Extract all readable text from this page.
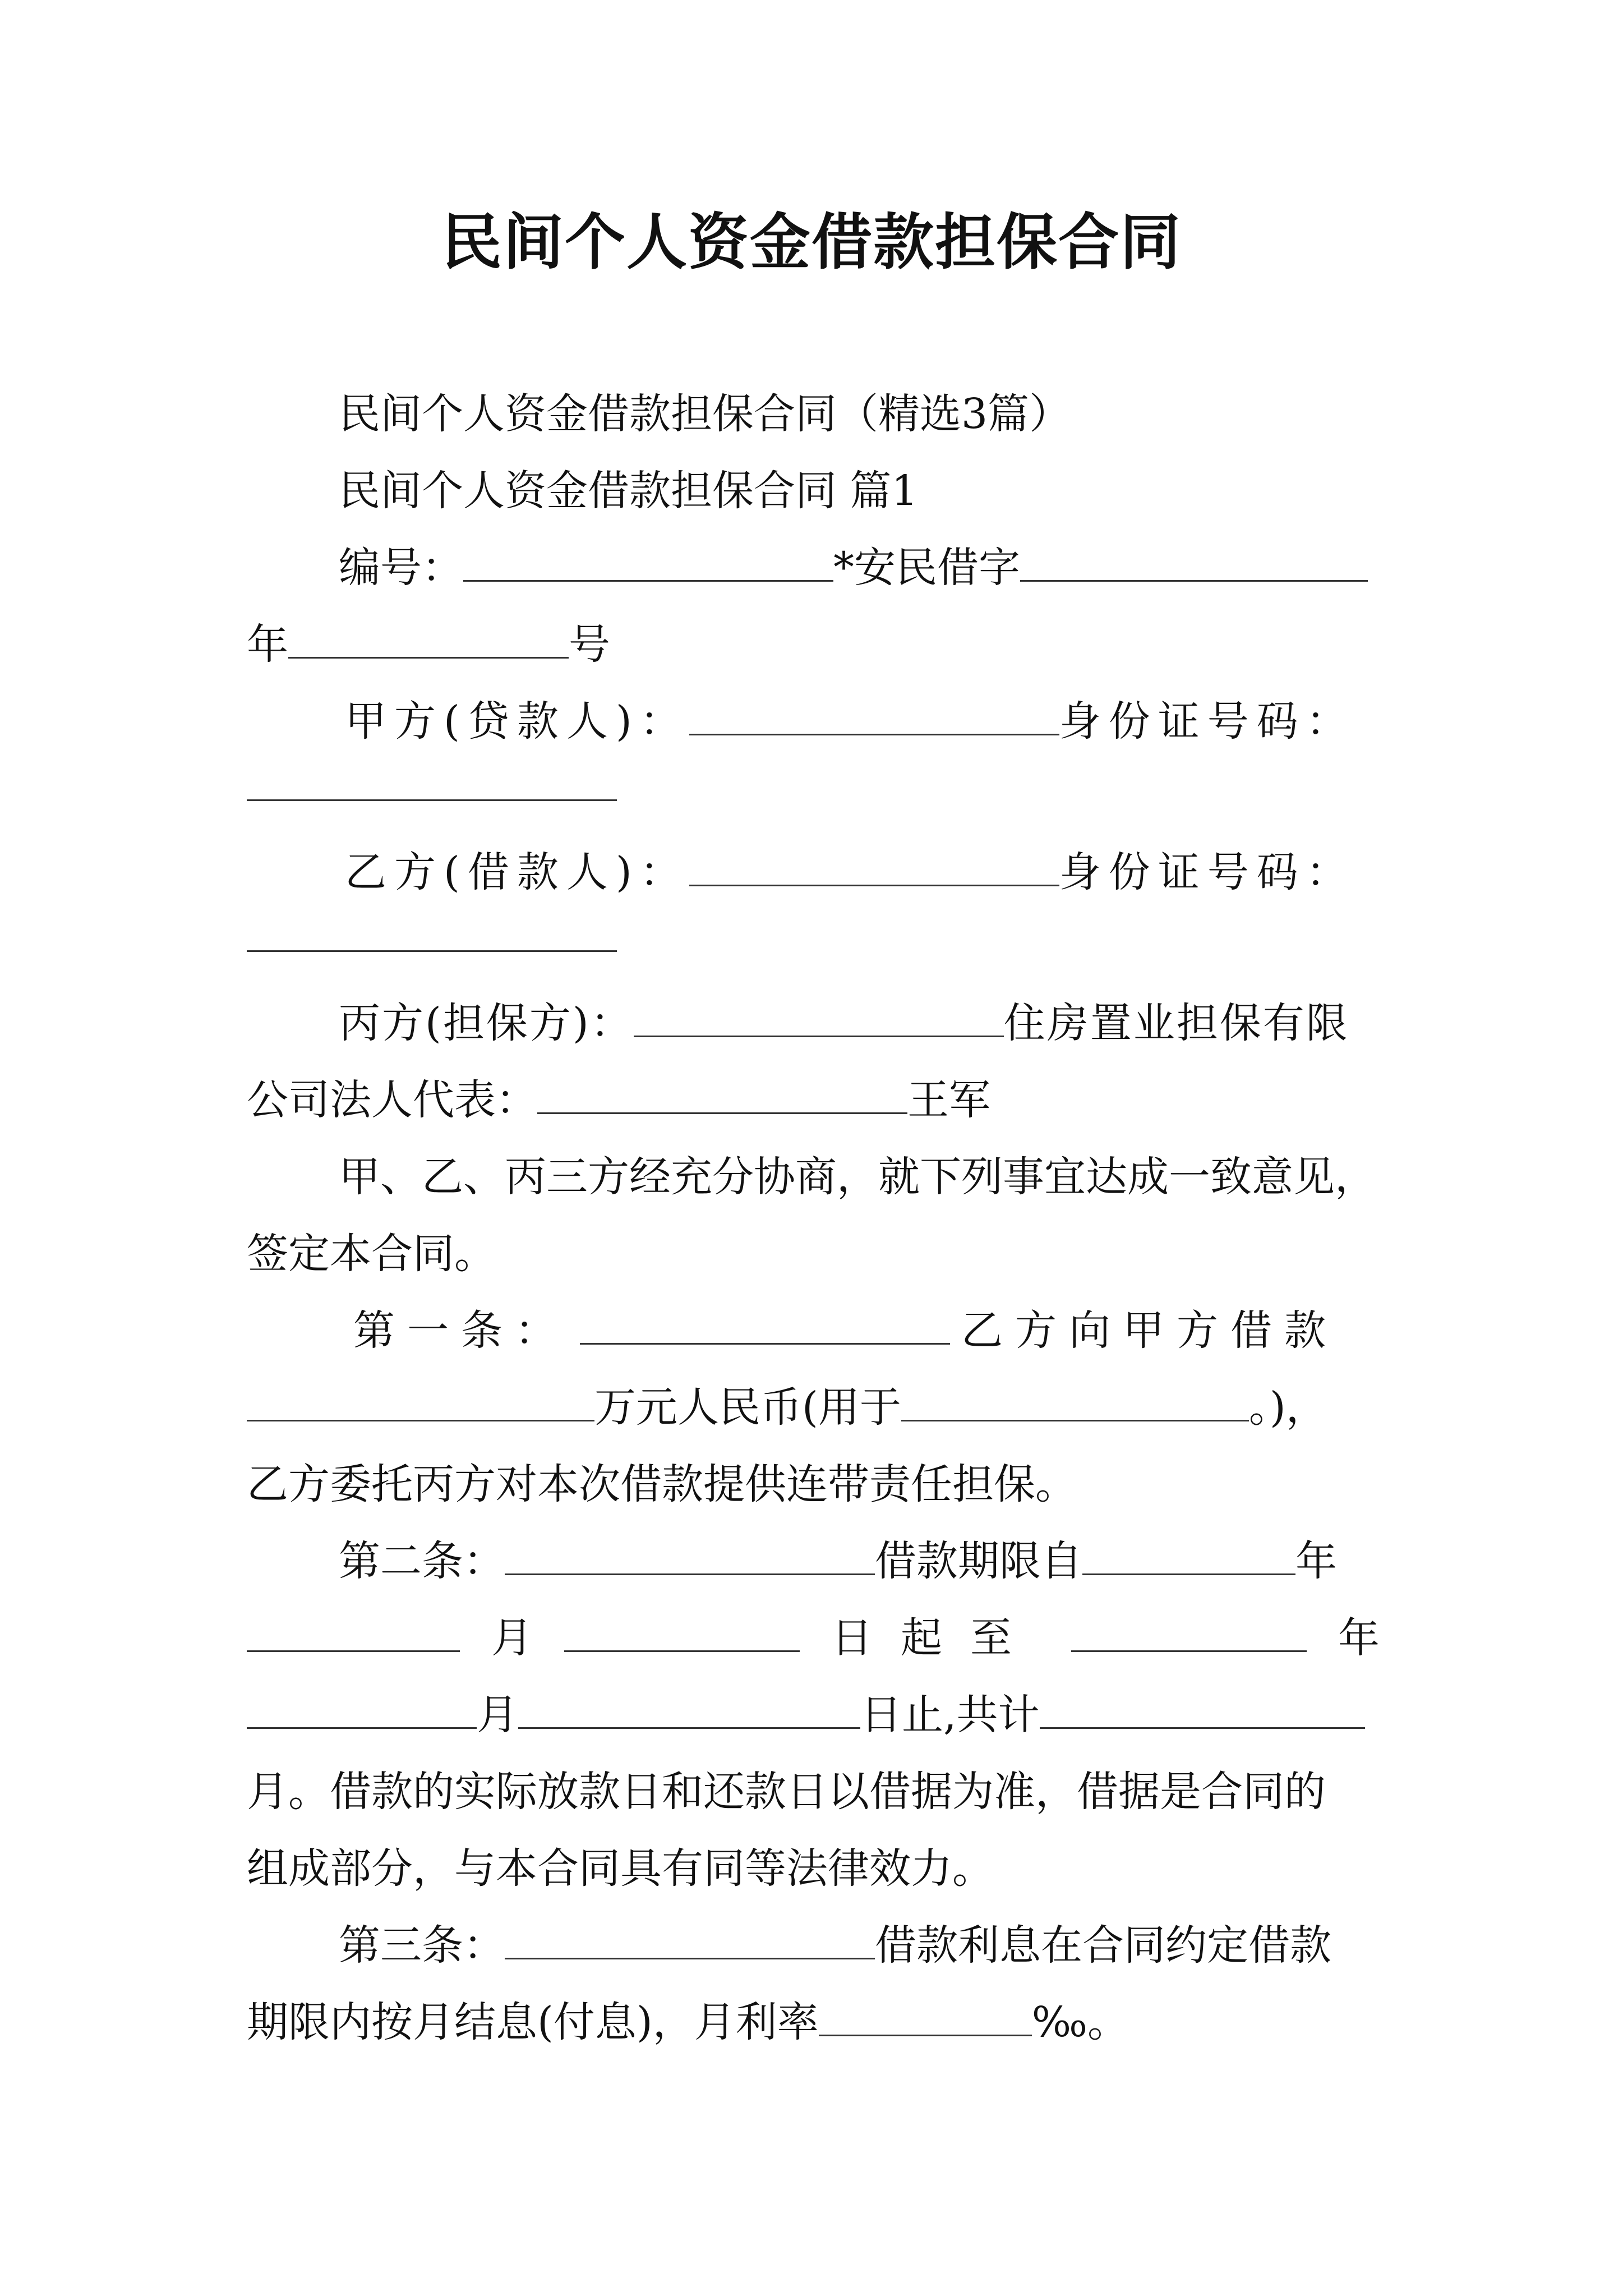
民间个人资金借款担保合同
民间个人资金借款担保合同（精选3篇）
民间个人资金借款担保合同 篇1
编号：	*安民借字
年	号
甲方(贷款人)：	身份证号码：
乙方(借款人)：	身份证号码：
丙方(担保方)：	住房置业担保有限
公司法人代表：	王军
甲、乙、丙三方经充分协商，就下列事宜达成一致意见，
签定本合同。
第一条：	乙方向甲方借款
万元人民币(用于	。)，
乙方委托丙方对本次借款提供连带责任担保。
第二条：	借款期限自	年
月	日起至	年
月	日止,共计
月。借款的实际放款日和还款日以借据为准，借据是合同的
组成部分，与本合同具有同等法律效力。
第三条：	借款利息在合同约定借款
期限内按月结息(付息)，月利率	‰。
